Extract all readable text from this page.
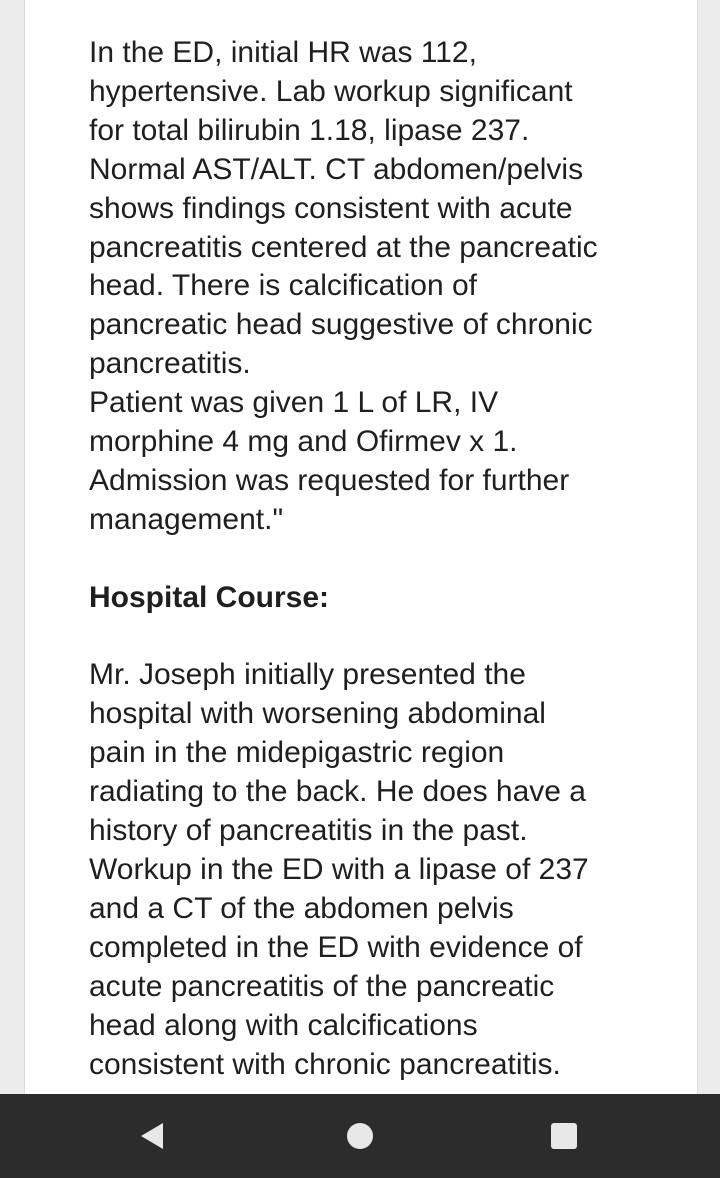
In the ED, initial HR was 112,
hypertensive. Lab workup significant
for total bilirubin 1.18, lipase 237.
Normal AST/ALT. CT abdomen/pelvis
shows findings consistent with acute
pancreatitis centered at the pancreatic
head. There is calcification of
pancreatic head suggestive of chronic
pancreatitis.
Patient was given 1 L of LR, IV
morphine 4 mg and Ofirmev x 1.
Admission was requested for further
management."

Hospital Course:

Mr. Joseph initially presented the
hospital with worsening abdominal
pain in the midepigastric region
radiating to the back. He does have a
history of pancreatitis in the past.
Workup in the ED with a lipase of 237
and a CT of the abdomen pelvis
completed in the ED with evidence of
acute pancreatitis of the pancreatic
head along with calcifications
consistent with chronic pancreatitis.
